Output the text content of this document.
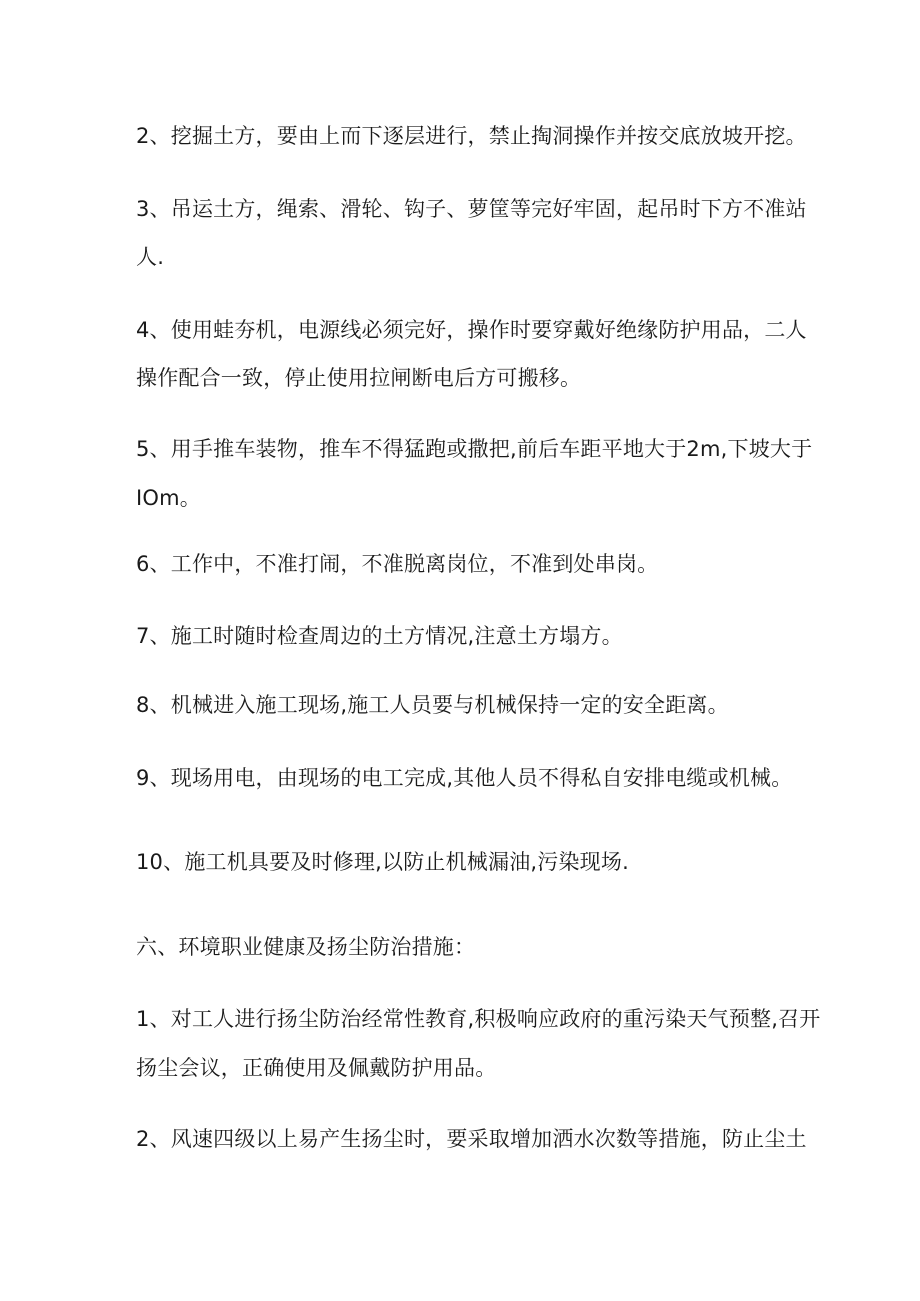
2、挖掘土方，要由上而下逐层进行，禁止掏洞操作并按交底放坡开挖。
3、吊运土方，绳索、滑轮、钩子、萝筐等完好牢固，起吊时下方不准站
人.
4、使用蛙夯机，电源线必须完好，操作时要穿戴好绝缘防护用品，二人
操作配合一致，停止使用拉闸断电后方可搬移。
5、用手推车装物，推车不得猛跑或撒把,前后车距平地大于2m,下坡大于
IOm。
6、工作中，不准打闹，不准脱离岗位，不准到处串岗。
7、施工时随时检查周边的土方情况,注意土方塌方。
8、机械进入施工现场,施工人员要与机械保持一定的安全距离。
9、现场用电，由现场的电工完成,其他人员不得私自安排电缆或机械。
10、施工机具要及时修理,以防止机械漏油,污染现场.
六、环境职业健康及扬尘防治措施：
1、对工人进行扬尘防治经常性教育,积极响应政府的重污染天气预整,召开
扬尘会议，正确使用及佩戴防护用品。
2、风速四级以上易产生扬尘时，要采取增加洒水次数等措施，防止尘土
